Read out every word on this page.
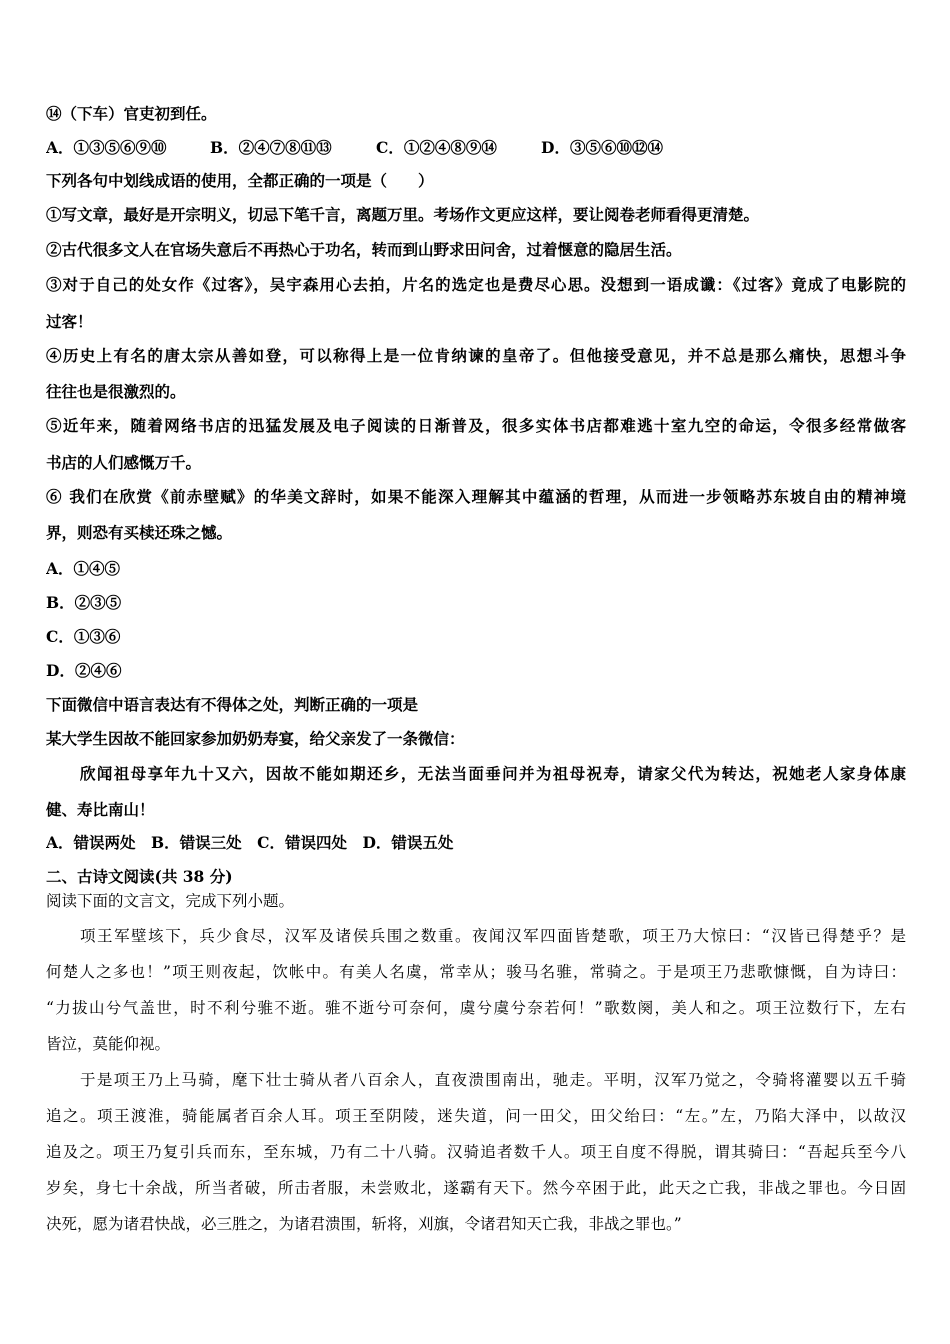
⑭（下车）官吏初到任。
A．①③⑤⑥⑨⑩	B．②④⑦⑧⑪⑬	C．①②④⑧⑨⑭	D．③⑤⑥⑩⑫⑭
下列各句中划线成语的使用，全都正确的一项是（　　）
①写文章，最好是开宗明义，切忌下笔千言，离题万里。考场作文更应这样，要让阅卷老师看得更清楚。
②古代很多文人在官场失意后不再热心于功名，转而到山野求田问舍，过着惬意的隐居生活。
③对于自己的处女作《过客》，吴宇森用心去拍，片名的选定也是费尽心思。没想到一语成谶：《过客》竟成了电影院的
过客！
④历史上有名的唐太宗从善如登，可以称得上是一位肯纳谏的皇帝了。但他接受意见，并不总是那么痛快，思想斗争
往往也是很激烈的。
⑤近年来，随着网络书店的迅猛发展及电子阅读的日渐普及，很多实体书店都难逃十室九空的命运，令很多经常做客
书店的人们感慨万千。
⑥ 我们在欣赏《前赤壁赋》的华美文辞时，如果不能深入理解其中蕴涵的哲理，从而进一步领略苏东坡自由的精神境
界，则恐有买椟还珠之憾。
A．①④⑤
B．②③⑤
C．①③⑥
D．②④⑥
下面微信中语言表达有不得体之处，判断正确的一项是
某大学生因故不能回家参加奶奶寿宴，给父亲发了一条微信：
欣闻祖母享年九十又六，因故不能如期还乡，无法当面垂问并为祖母祝寿，请家父代为转达，祝她老人家身体康
健、寿比南山！
A．错误两处　B．错误三处　C．错误四处　D．错误五处
二、古诗文阅读(共 38 分)
阅读下面的文言文，完成下列小题。
项王军壁垓下，兵少食尽，汉军及诸侯兵围之数重。夜闻汉军四面皆楚歌，项王乃大惊曰：“汉皆已得楚乎？是
何楚人之多也！”项王则夜起，饮帐中。有美人名虞，常幸从；骏马名骓，常骑之。于是项王乃悲歌慷慨，自为诗曰：
“力拔山兮气盖世，时不利兮骓不逝。骓不逝兮可奈何，虞兮虞兮奈若何！”歌数阕，美人和之。项王泣数行下，左右
皆泣，莫能仰视。
于是项王乃上马骑，麾下壮士骑从者八百余人，直夜溃围南出，驰走。平明，汉军乃觉之，令骑将灌婴以五千骑
追之。项王渡淮，骑能属者百余人耳。项王至阴陵，迷失道，问一田父，田父绐曰：“左。”左，乃陷大泽中，以故汉
追及之。项王乃复引兵而东，至东城，乃有二十八骑。汉骑追者数千人。项王自度不得脱，谓其骑曰：“吾起兵至今八
岁矣，身七十余战，所当者破，所击者服，未尝败北，遂霸有天下。然今卒困于此，此天之亡我，非战之罪也。今日固
决死，愿为诸君快战，必三胜之，为诸君溃围，斩将，刈旗，令诸君知天亡我，非战之罪也。”
